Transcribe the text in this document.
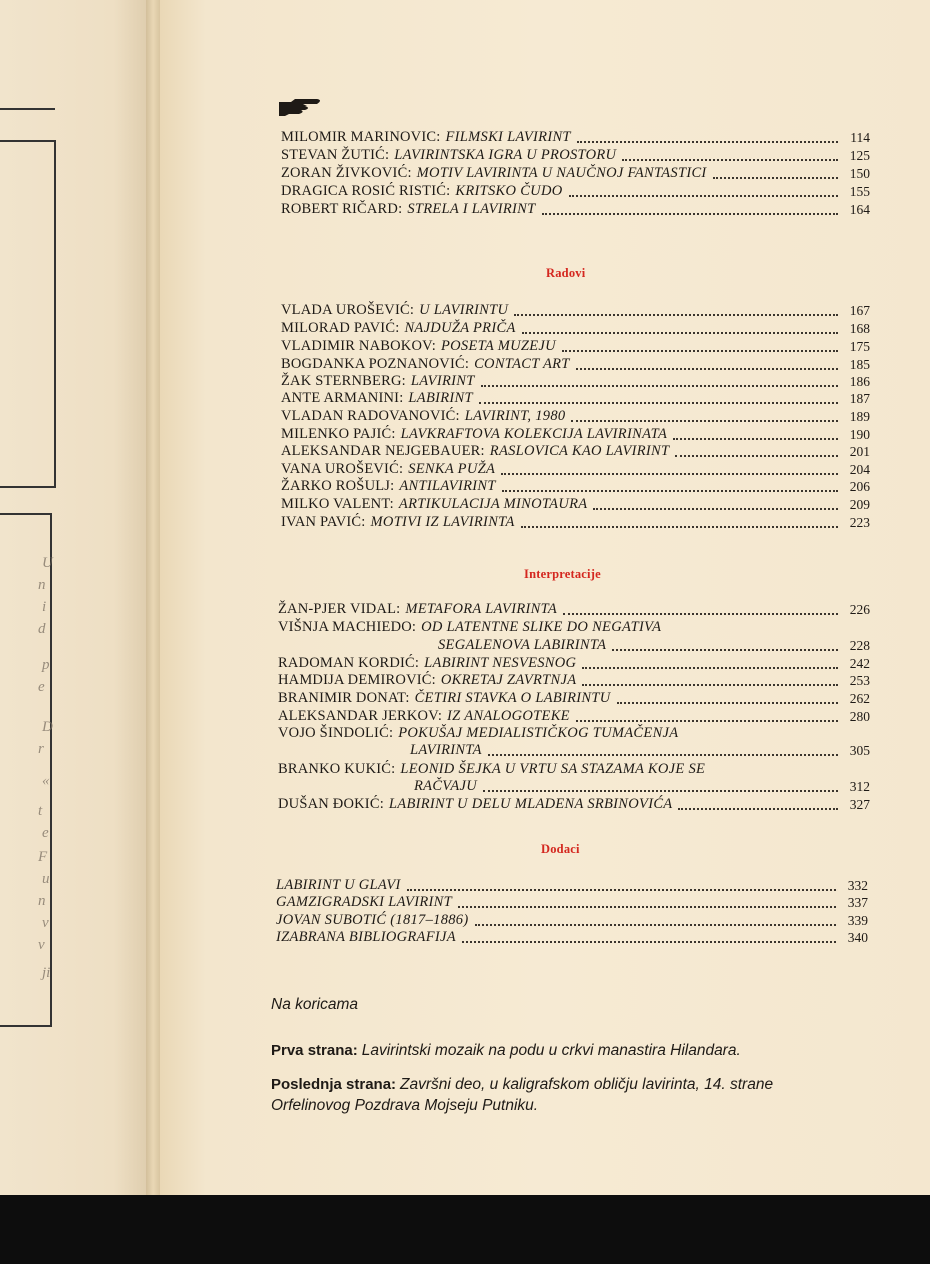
U
n
i
d
p
e
D
r
«
t
e
F
u
n
v
v
ji
MILOMIR MARINOVIC: FILMSKI LAVIRINT	114
STEVAN ŽUTIĆ: LAVIRINTSKA IGRA U PROSTORU	125
ZORAN ŽIVKOVIĆ: MOTIV LAVIRINTA U NAUČNOJ FANTASTICI	150
DRAGICA ROSIĆ RISTIĆ: KRITSKO ČUDO	155
ROBERT RIČARD: STRELA I LAVIRINT	164
Radovi
VLADA UROŠEVIĆ: U LAVIRINTU	167
MILORAD PAVIĆ: NAJDUŽA PRIČA	168
VLADIMIR NABOKOV: POSETA MUZEJU	175
BOGDANKA POZNANOVIĆ: CONTACT ART	185
ŽAK STERNBERG: LAVIRINT	186
ANTE ARMANINI: LABIRINT	187
VLADAN RADOVANOVIĆ: LAVIRINT, 1980	189
MILENKO PAJIĆ: LAVKRAFTOVA KOLEKCIJA LAVIRINATA	190
ALEKSANDAR NEJGEBAUER: RASLOVICA KAO LAVIRINT	201
VANA UROŠEVIĆ: SENKA PUŽA	204
ŽARKO ROŠULJ: ANTILAVIRINT	206
MILKO VALENT: ARTIKULACIJA MINOTAURA	209
IVAN PAVIĆ: MOTIVI IZ LAVIRINTA	223
Interpretacije
ŽAN-PJER VIDAL: METAFORA LAVIRINTA	226
VIŠNJA MACHIEDO: OD LATENTNE SLIKE DO NEGATIVA
SEGALENOVA LABIRINTA	228
RADOMAN KORDIĆ: LABIRINT NESVESNOG	242
HAMDIJA DEMIROVIĆ: OKRETAJ ZAVRTNJA	253
BRANIMIR DONAT: ČETIRI STAVKA O LABIRINTU	262
ALEKSANDAR JERKOV: IZ ANALOGOTEKE	280
VOJO ŠINDOLIĆ: POKUŠAJ MEDIALISTIČKOG TUMAČENJA
LAVIRINTA	305
BRANKO KUKIĆ: LEONID ŠEJKA U VRTU SA STAZAMA KOJE SE
RAČVAJU	312
DUŠAN ĐOKIĆ: LABIRINT U DELU MLADENA SRBINOVIĆA	327
Dodaci
LABIRINT U GLAVI	332
GAMZIGRADSKI LAVIRINT	337
JOVAN SUBOTIĆ (1817–1886)	339
IZABRANA BIBLIOGRAFIJA	340
Na koricama
Prva strana: Lavirintski mozaik na podu u crkvi manastira Hilandara.
Poslednja strana: Završni deo, u kaligrafskom obličju lavirinta, 14. strane
Orfelinovog Pozdrava Mojseju Putniku.
